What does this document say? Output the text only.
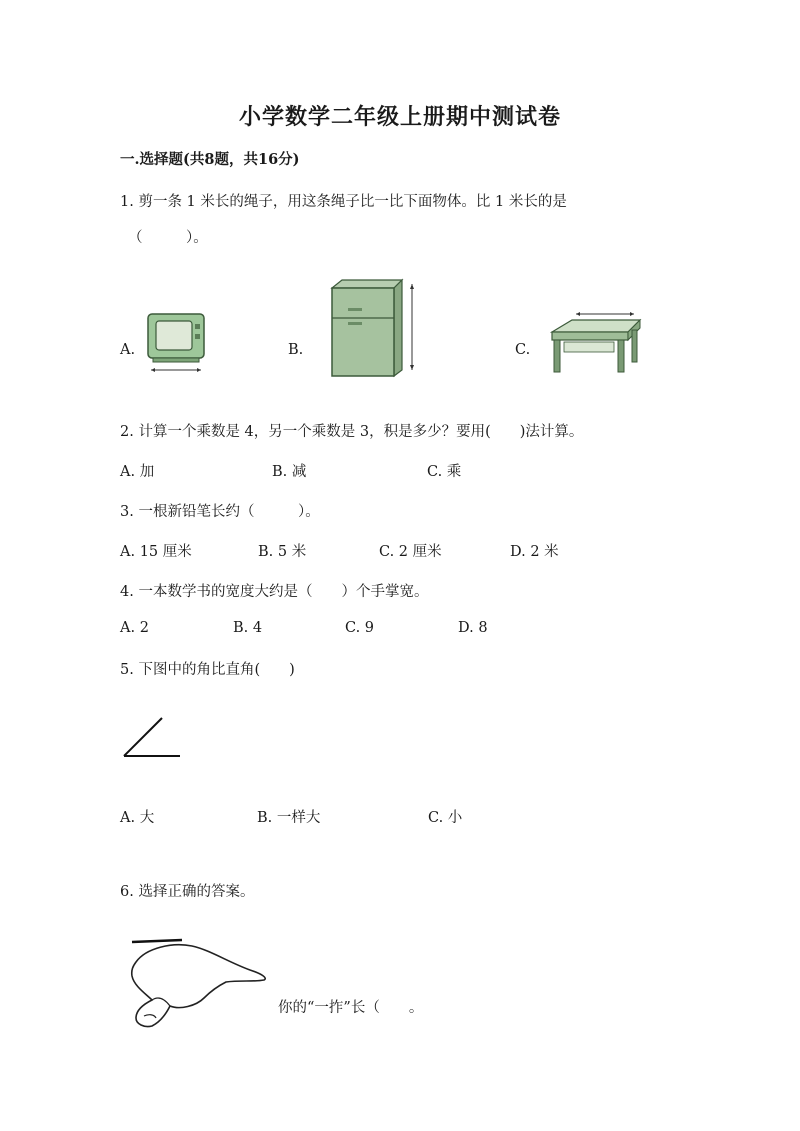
小学数学二年级上册期中测试卷
一.选择题(共8题，共16分)
1. 剪一条 1 米长的绳子，用这条绳子比一比下面物体。比 1 米长的是
（　　　）。
A.	B.	C.
2. 计算一个乘数是 4，另一个乘数是 3，积是多少？要用(　　)法计算。
A. 加	B. 减	C. 乘
3. 一根新铅笔长约（　　　）。
A. 15 厘米	B. 5 米	C. 2 厘米	D. 2 米
4. 一本数学书的宽度大约是（　　）个手掌宽。
A. 2	B. 4	C. 9	D. 8
5. 下图中的角比直角(　　)
A. 大	B. 一样大	C. 小
6. 选择正确的答案。
你的“一拃”长（　　。
